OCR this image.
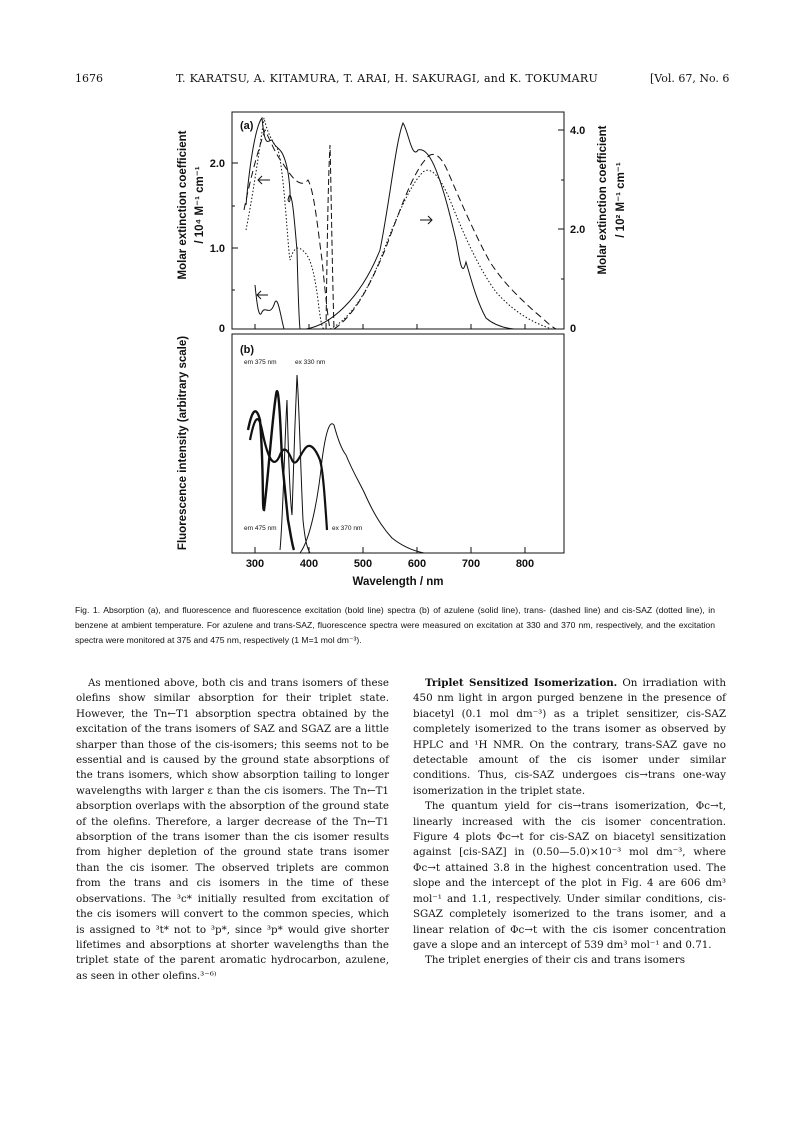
1676	T. KARATSU, A. KITAMURA, T. ARAI, H. SAKURAGI, and K. TOKUMARU	[Vol. 67, No. 6
(a)
(b)
0
1.0
2.0
0
2.0
4.0
300	400	500	600	700	800
Wavelength / nm
Molar extinction coefficient / 10⁴ M⁻¹ cm⁻¹	Molar extinction coefficient / 10² M⁻¹ cm⁻¹
Fluorescence intensity (arbitrary scale)	em 375 nm	ex 330 nm
em 475 nm	ex 370 nm
Fig. 1. Absorption (a), and fluorescence and fluorescence excitation (bold line) spectra (b) of azulene (solid line), trans- (dashed line) and cis-SAZ (dotted line), in benzene at ambient temperature. For azulene and trans-SAZ, fluorescence spectra were measured on excitation at 330 and 370 nm, respectively, and the excitation spectra were monitored at 375 and 475 nm, respectively (1 M=1 mol dm⁻³).

As mentioned above, both cis and trans isomers of these olefins show similar absorption for their triplet state. However, the Tn←T1 absorption spectra obtained by the excitation of the trans isomers of SAZ and SGAZ are a little sharper than those of the cis-isomers; this seems not to be essential and is caused by the ground state absorptions of the trans isomers, which show absorption tailing to longer wavelengths with larger ε than the cis isomers. The Tn←T1 absorption overlaps with the absorption of the ground state of the olefins. Therefore, a larger decrease of the Tn←T1 absorption of the trans isomer than the cis isomer results from higher depletion of the ground state trans isomer than the cis isomer. The observed triplets are common from the trans and cis isomers in the time of these observations. The ³c* initially resulted from excitation of the cis isomers will convert to the common species, which is assigned to ³t* not to ³p*, since ³p* would give shorter lifetimes and absorptions at shorter wavelengths than the triplet state of the parent aromatic hydrocarbon, azulene, as seen in other olefins.³⁻⁶⁾

Triplet Sensitized Isomerization. On irradiation with 450 nm light in argon purged benzene in the presence of biacetyl (0.1 mol dm⁻³) as a triplet sensitizer, cis-SAZ completely isomerized to the trans isomer as observed by HPLC and ¹H NMR. On the contrary, trans-SAZ gave no detectable amount of the cis isomer under similar conditions. Thus, cis-SAZ undergoes cis→trans one-way isomerization in the triplet state.

The quantum yield for cis→trans isomerization, Φc→t, linearly increased with the cis isomer concentration. Figure 4 plots Φc→t for cis-SAZ on biacetyl sensitization against [cis-SAZ] in (0.50—5.0)×10⁻³ mol dm⁻³, where Φc→t attained 3.8 in the highest concentration used. The slope and the intercept of the plot in Fig. 4 are 606 dm³ mol⁻¹ and 1.1, respectively. Under similar conditions, cis-SGAZ completely isomerized to the trans isomer, and a linear relation of Φc→t with the cis isomer concentration gave a slope and an intercept of 539 dm³ mol⁻¹ and 0.71.

The triplet energies of their cis and trans isomers
